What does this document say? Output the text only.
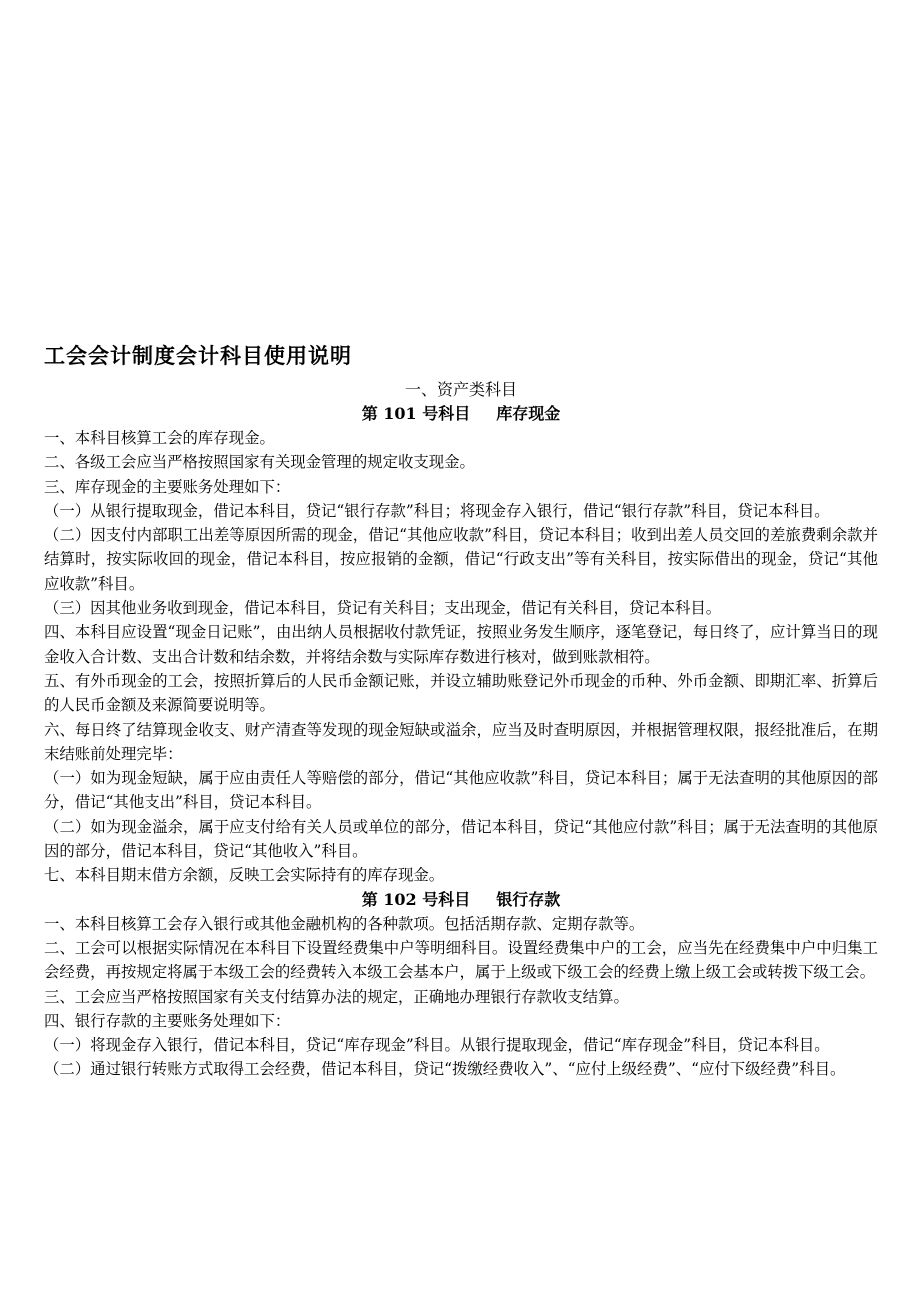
工会会计制度会计科目使用说明

一、资产类科目

第 101 号科目 库存现金

一、本科目核算工会的库存现金。

二、各级工会应当严格按照国家有关现金管理的规定收支现金。

三、库存现金的主要账务处理如下：

（一）从银行提取现金，借记本科目，贷记“银行存款”科目；将现金存入银行，借记“银行存款”科目，贷记本科目。

（二）因支付内部职工出差等原因所需的现金，借记“其他应收款”科目，贷记本科目；收到出差人员交回的差旅费剩余款并结算时，按实际收回的现金，借记本科目，按应报销的金额，借记“行政支出”等有关科目，按实际借出的现金，贷记“其他应收款”科目。

（三）因其他业务收到现金，借记本科目，贷记有关科目；支出现金，借记有关科目，贷记本科目。

四、本科目应设置“现金日记账”，由出纳人员根据收付款凭证，按照业务发生顺序，逐笔登记，每日终了，应计算当日的现金收入合计数、支出合计数和结余数，并将结余数与实际库存数进行核对，做到账款相符。

五、有外币现金的工会，按照折算后的人民币金额记账，并设立辅助账登记外币现金的币种、外币金额、即期汇率、折算后的人民币金额及来源简要说明等。

六、每日终了结算现金收支、财产清查等发现的现金短缺或溢余，应当及时查明原因，并根据管理权限，报经批准后，在期末结账前处理完毕：

（一）如为现金短缺，属于应由责任人等赔偿的部分，借记“其他应收款”科目，贷记本科目；属于无法查明的其他原因的部分，借记“其他支出”科目，贷记本科目。

（二）如为现金溢余，属于应支付给有关人员或单位的部分，借记本科目，贷记“其他应付款”科目；属于无法查明的其他原因的部分，借记本科目，贷记“其他收入”科目。

七、本科目期末借方余额，反映工会实际持有的库存现金。

第 102 号科目 银行存款

一、本科目核算工会存入银行或其他金融机构的各种款项。包括活期存款、定期存款等。

二、工会可以根据实际情况在本科目下设置经费集中户等明细科目。设置经费集中户的工会，应当先在经费集中户中归集工会经费，再按规定将属于本级工会的经费转入本级工会基本户，属于上级或下级工会的经费上缴上级工会或转拨下级工会。

三、工会应当严格按照国家有关支付结算办法的规定，正确地办理银行存款收支结算。

四、银行存款的主要账务处理如下：

（一）将现金存入银行，借记本科目，贷记“库存现金”科目。从银行提取现金，借记“库存现金”科目，贷记本科目。

（二）通过银行转账方式取得工会经费，借记本科目，贷记“拨缴经费收入”、“应付上级经费”、“应付下级经费”科目。
